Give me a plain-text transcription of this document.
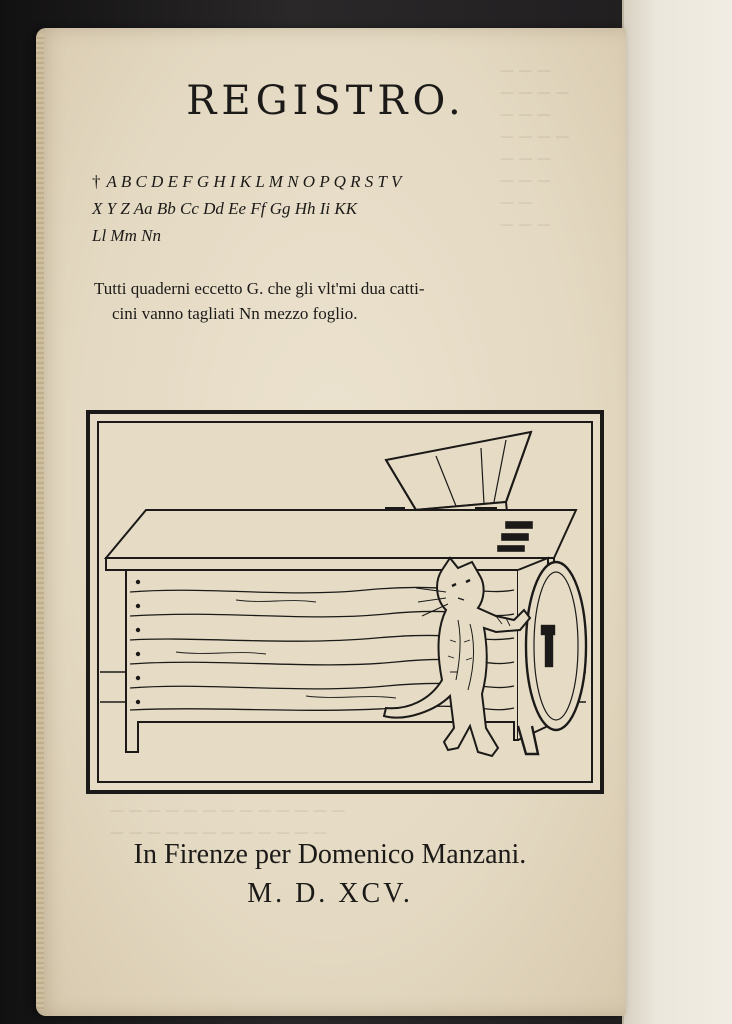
— — —
— — — —
— — —
— — — —
— — —
— — —
— —
— — —
— — — — — — — — — — — — —
— — — — — — — — — — — —
REGISTRO.
† A B C D E F G H I K L M N O P Q R S T V
X Y Z Aa Bb Cc Dd Ee Ff Gg Hh Ii KK
Ll Mm Nn
Tutti quaderni eccetto G. che gli vlt'mi dua catti-
cini vanno tagliati Nn mezzo foglio.

In Firenze per Domenico Manzani.

M. D. XCV.
